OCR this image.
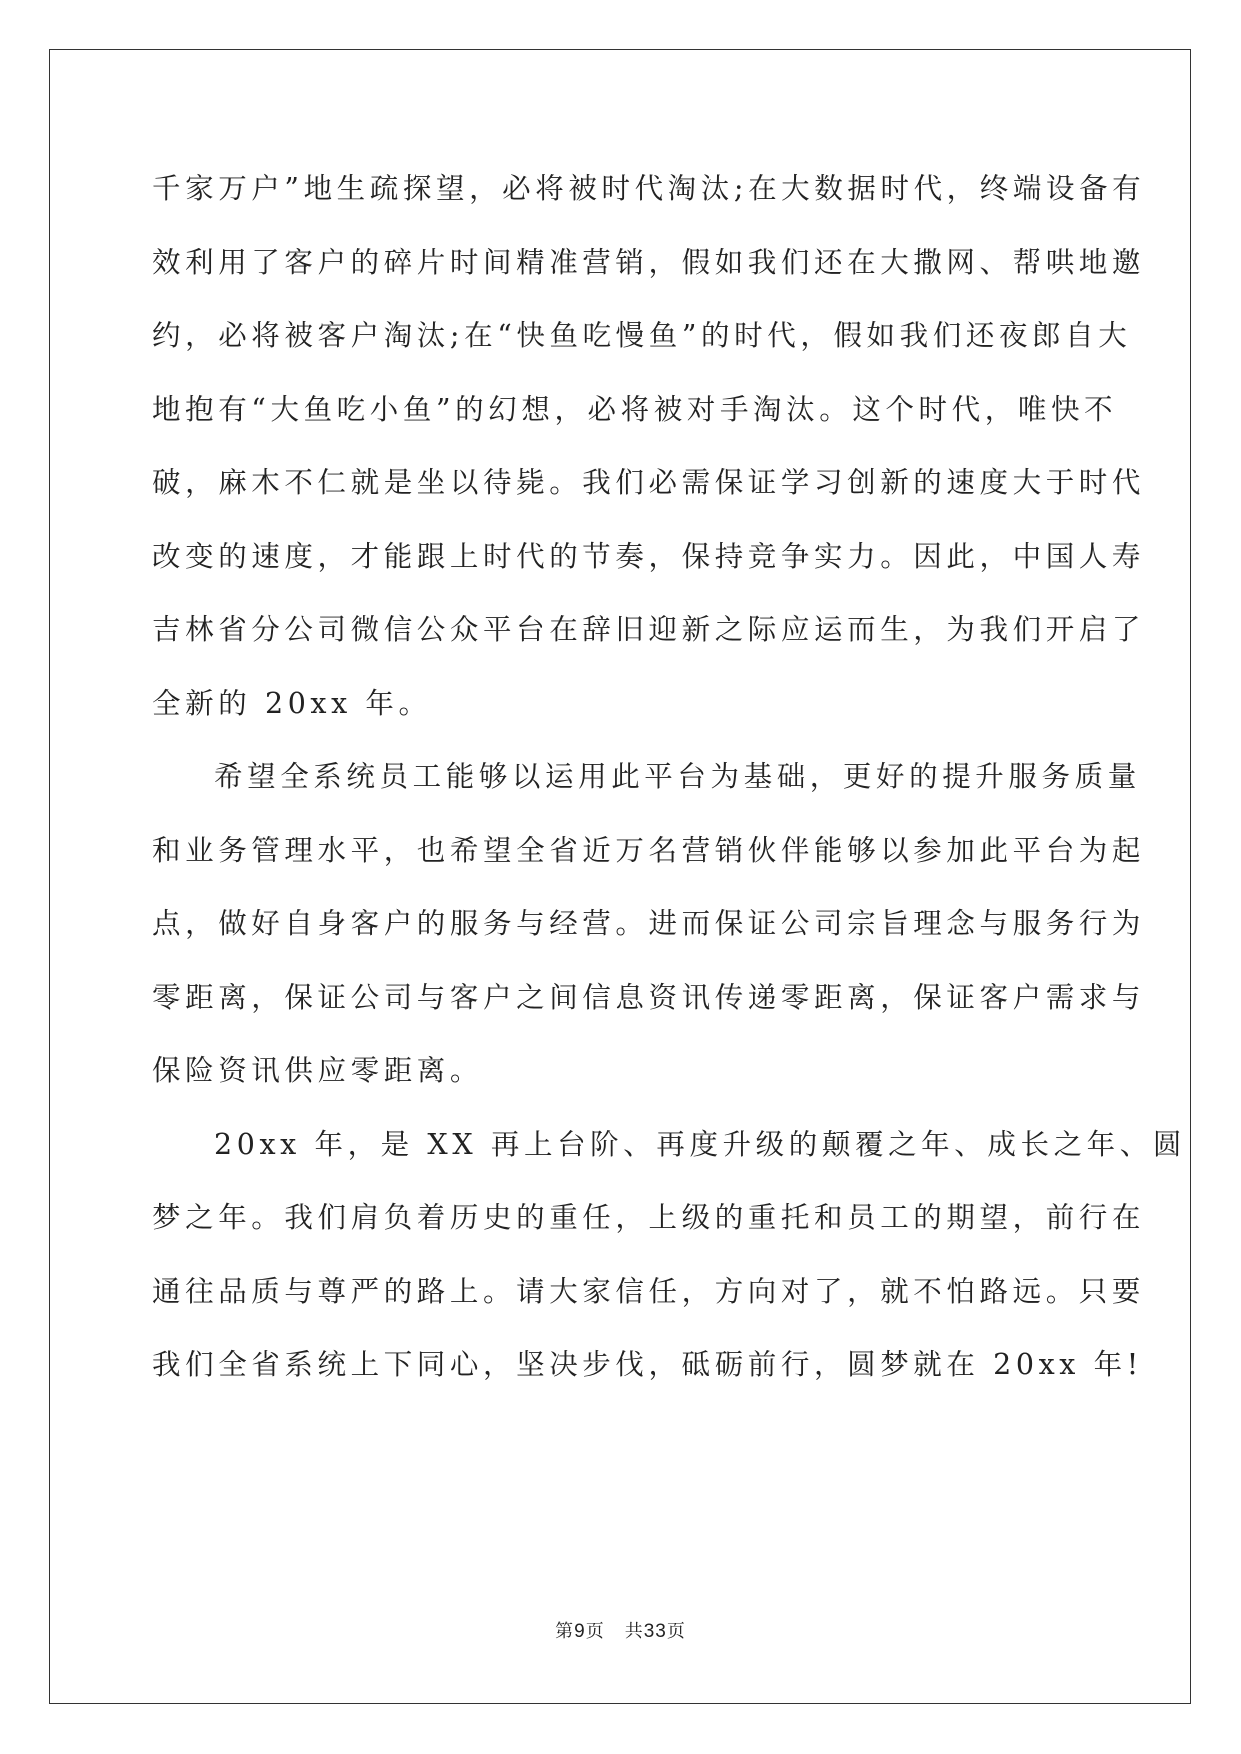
千家万户”地生疏探望，必将被时代淘汰;在大数据时代，终端设备有
效利用了客户的碎片时间精准营销，假如我们还在大撒网、帮哄地邀
约，必将被客户淘汰;在“快鱼吃慢鱼”的时代，假如我们还夜郎自大
地抱有“大鱼吃小鱼”的幻想，必将被对手淘汰。这个时代，唯快不
破，麻木不仁就是坐以待毙。我们必需保证学习创新的速度大于时代
改变的速度，才能跟上时代的节奏，保持竞争实力。因此，中国人寿
吉林省分公司微信公众平台在辞旧迎新之际应运而生，为我们开启了
全新的 20xx 年。

希望全系统员工能够以运用此平台为基础，更好的提升服务质量
和业务管理水平，也希望全省近万名营销伙伴能够以参加此平台为起
点，做好自身客户的服务与经营。进而保证公司宗旨理念与服务行为
零距离，保证公司与客户之间信息资讯传递零距离，保证客户需求与
保险资讯供应零距离。

20xx 年，是 XX 再上台阶、再度升级的颠覆之年、成长之年、圆
梦之年。我们肩负着历史的重任，上级的重托和员工的期望，前行在
通往品质与尊严的路上。请大家信任，方向对了，就不怕路远。只要
我们全省系统上下同心，坚决步伐，砥砺前行，圆梦就在 20xx 年!

第9页 共33页
